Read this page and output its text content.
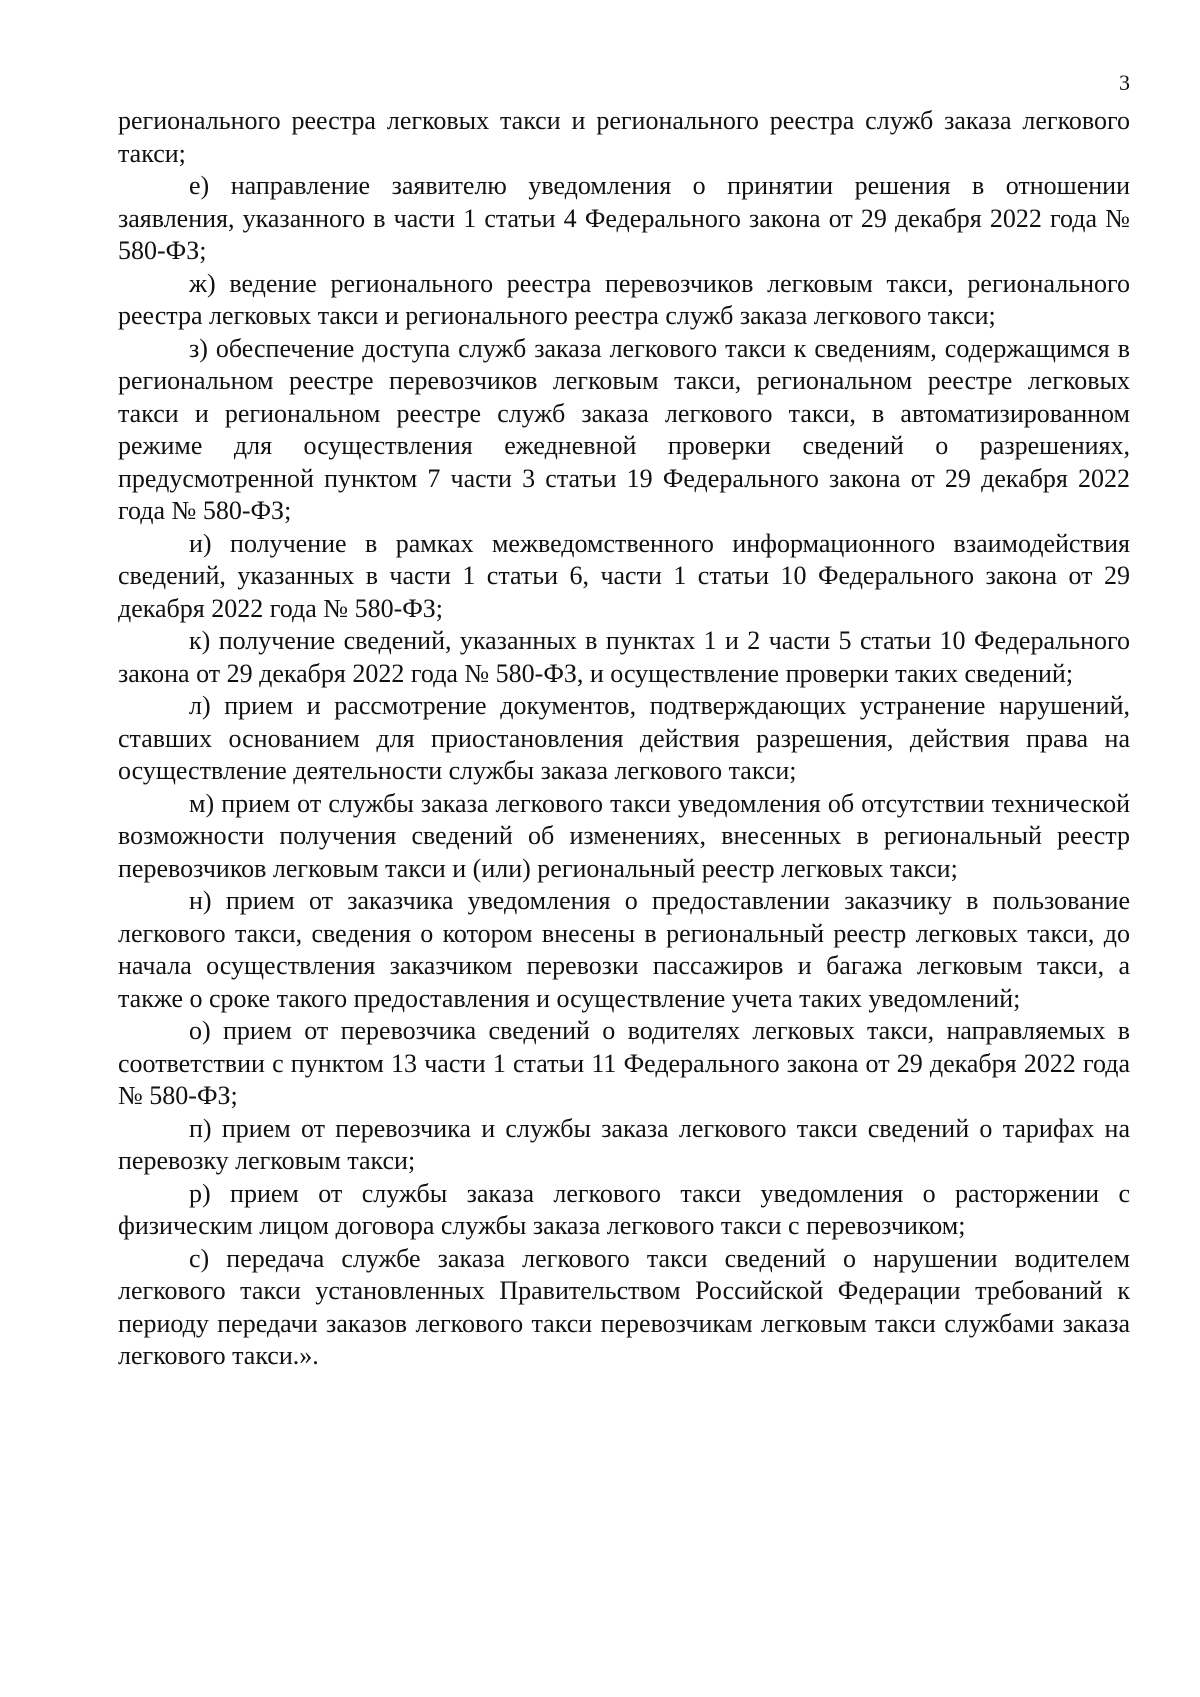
3

регионального реестра легковых такси и регионального реестра служб заказа легкового такси;

е) направление заявителю уведомления о принятии решения в отношении заявления, указанного в части 1 статьи 4 Федерального закона от 29 декабря 2022 года № 580-ФЗ;

ж) ведение регионального реестра перевозчиков легковым такси, регионального реестра легковых такси и регионального реестра служб заказа легкового такси;

з) обеспечение доступа служб заказа легкового такси к сведениям, содержащимся в региональном реестре перевозчиков легковым такси, региональном реестре легковых такси и региональном реестре служб заказа легкового такси, в автоматизированном режиме для осуществления ежедневной проверки сведений о разрешениях, предусмотренной пунктом 7 части 3 статьи 19 Федерального закона от 29 декабря 2022 года № 580-ФЗ;

и) получение в рамках межведомственного информационного взаимодействия сведений, указанных в части 1 статьи 6, части 1 статьи 10 Федерального закона от 29 декабря 2022 года № 580-ФЗ;

к) получение сведений, указанных в пунктах 1 и 2 части 5 статьи 10 Федерального закона от 29 декабря 2022 года № 580-ФЗ, и осуществление проверки таких сведений;

л) прием и рассмотрение документов, подтверждающих устранение нарушений, ставших основанием для приостановления действия разрешения, действия права на осуществление деятельности службы заказа легкового такси;

м) прием от службы заказа легкового такси уведомления об отсутствии технической возможности получения сведений об изменениях, внесенных в региональный реестр перевозчиков легковым такси и (или) региональный реестр легковых такси;

н) прием от заказчика уведомления о предоставлении заказчику в пользование легкового такси, сведения о котором внесены в региональный реестр легковых такси, до начала осуществления заказчиком перевозки пассажиров и багажа легковым такси, а также о сроке такого предоставления и осуществление учета таких уведомлений;

о) прием от перевозчика сведений о водителях легковых такси, направляемых в соответствии с пунктом 13 части 1 статьи 11 Федерального закона от 29 декабря 2022 года № 580-ФЗ;

п) прием от перевозчика и службы заказа легкового такси сведений о тарифах на перевозку легковым такси;

р) прием от службы заказа легкового такси уведомления о расторжении с физическим лицом договора службы заказа легкового такси с перевозчиком;

с) передача службе заказа легкового такси сведений о нарушении водителем легкового такси установленных Правительством Российской Федерации требований к периоду передачи заказов легкового такси перевозчикам легковым такси службами заказа легкового такси.».
